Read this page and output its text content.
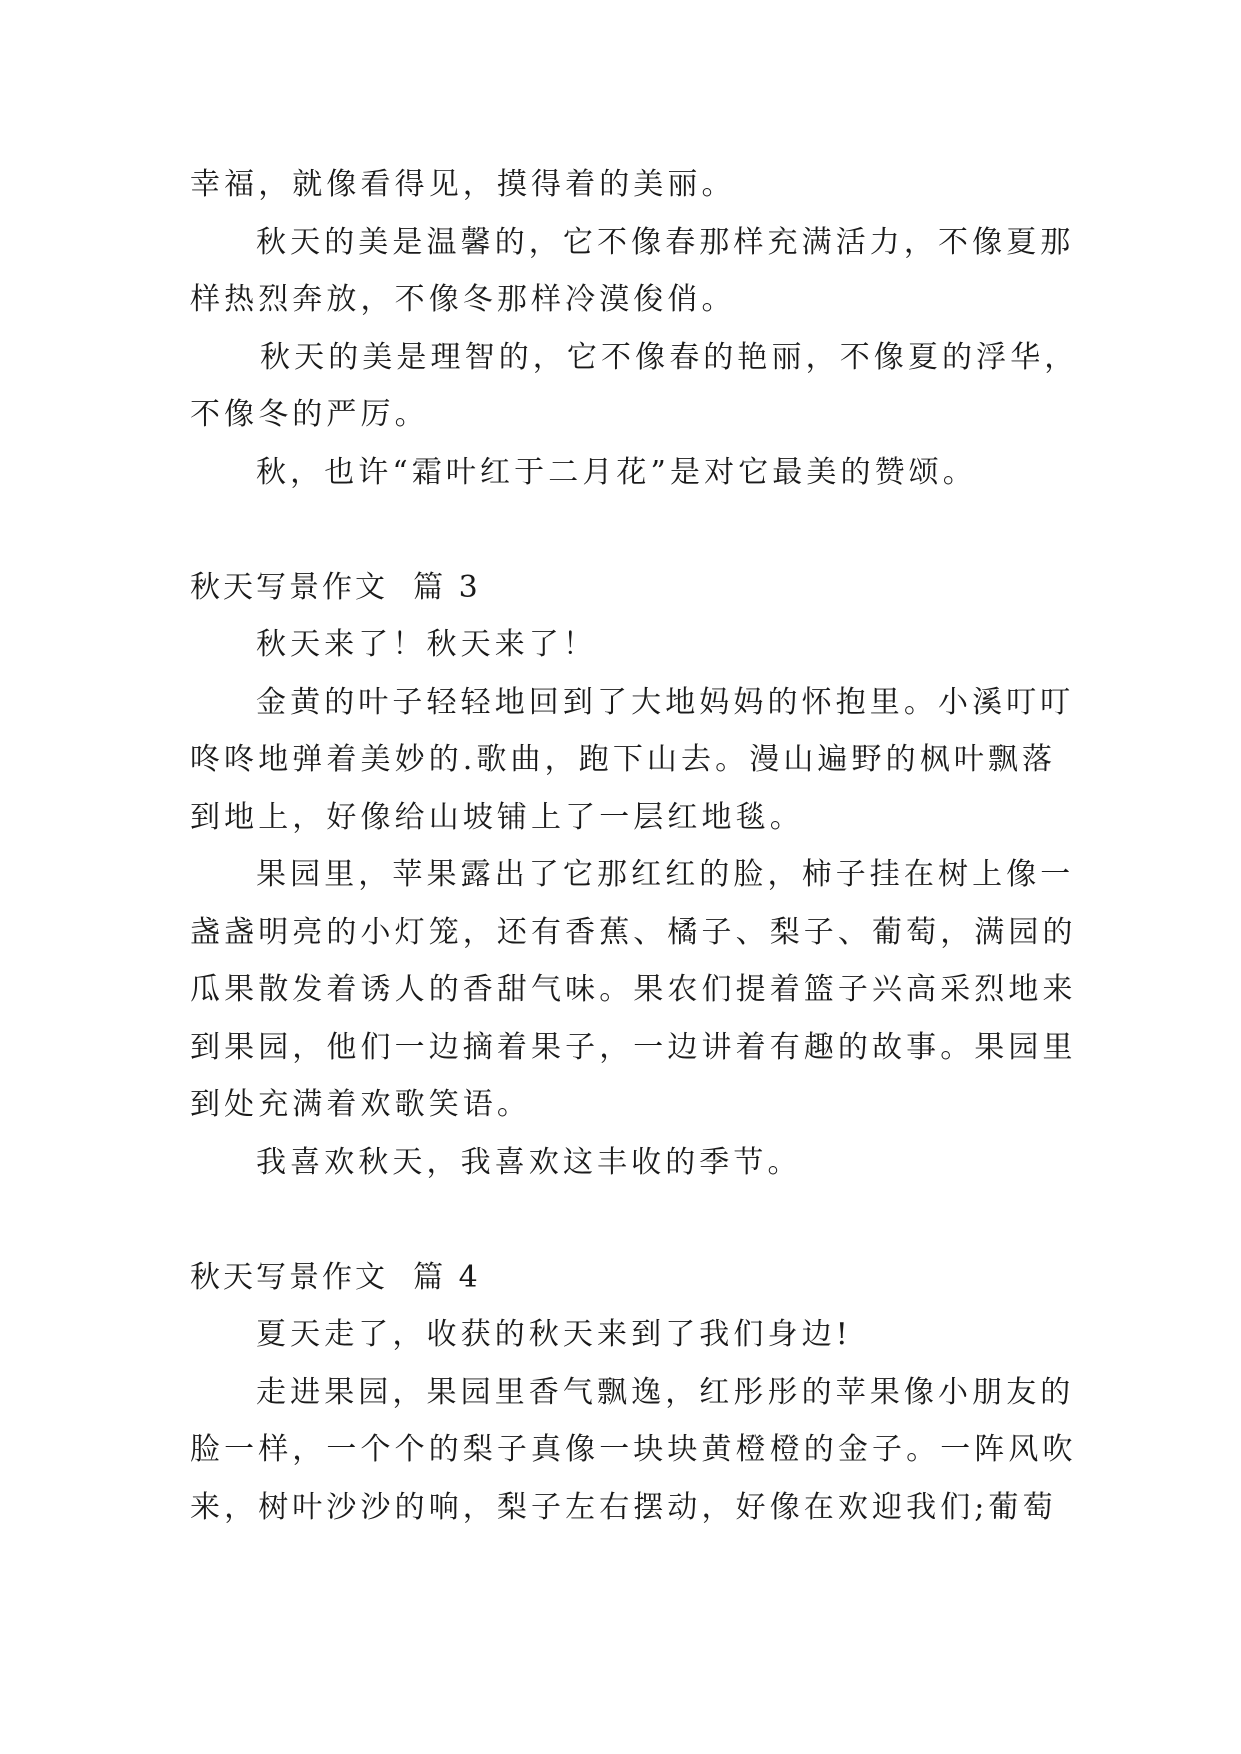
幸福，就像看得见，摸得着的美丽。

秋天的美是温馨的，它不像春那样充满活力，不像夏那
样热烈奔放，不像冬那样冷漠俊俏。

秋天的美是理智的，它不像春的艳丽，不像夏的浮华，
不像冬的严厉。

秋，也许“霜叶红于二月花”是对它最美的赞颂。

秋天写景作文  篇 3

秋天来了！秋天来了！

金黄的叶子轻轻地回到了大地妈妈的怀抱里。小溪叮叮
咚咚地弹着美妙的.歌曲，跑下山去。漫山遍野的枫叶飘落
到地上，好像给山坡铺上了一层红地毯。

果园里，苹果露出了它那红红的脸，柿子挂在树上像一
盏盏明亮的小灯笼，还有香蕉、橘子、梨子、葡萄，满园的
瓜果散发着诱人的香甜气味。果农们提着篮子兴高采烈地来
到果园，他们一边摘着果子，一边讲着有趣的故事。果园里
到处充满着欢歌笑语。

我喜欢秋天，我喜欢这丰收的季节。

秋天写景作文  篇 4

夏天走了，收获的秋天来到了我们身边!

走进果园，果园里香气飘逸，红彤彤的苹果像小朋友的
脸一样，一个个的梨子真像一块块黄橙橙的金子。一阵风吹
来，树叶沙沙的响，梨子左右摆动，好像在欢迎我们;葡萄
